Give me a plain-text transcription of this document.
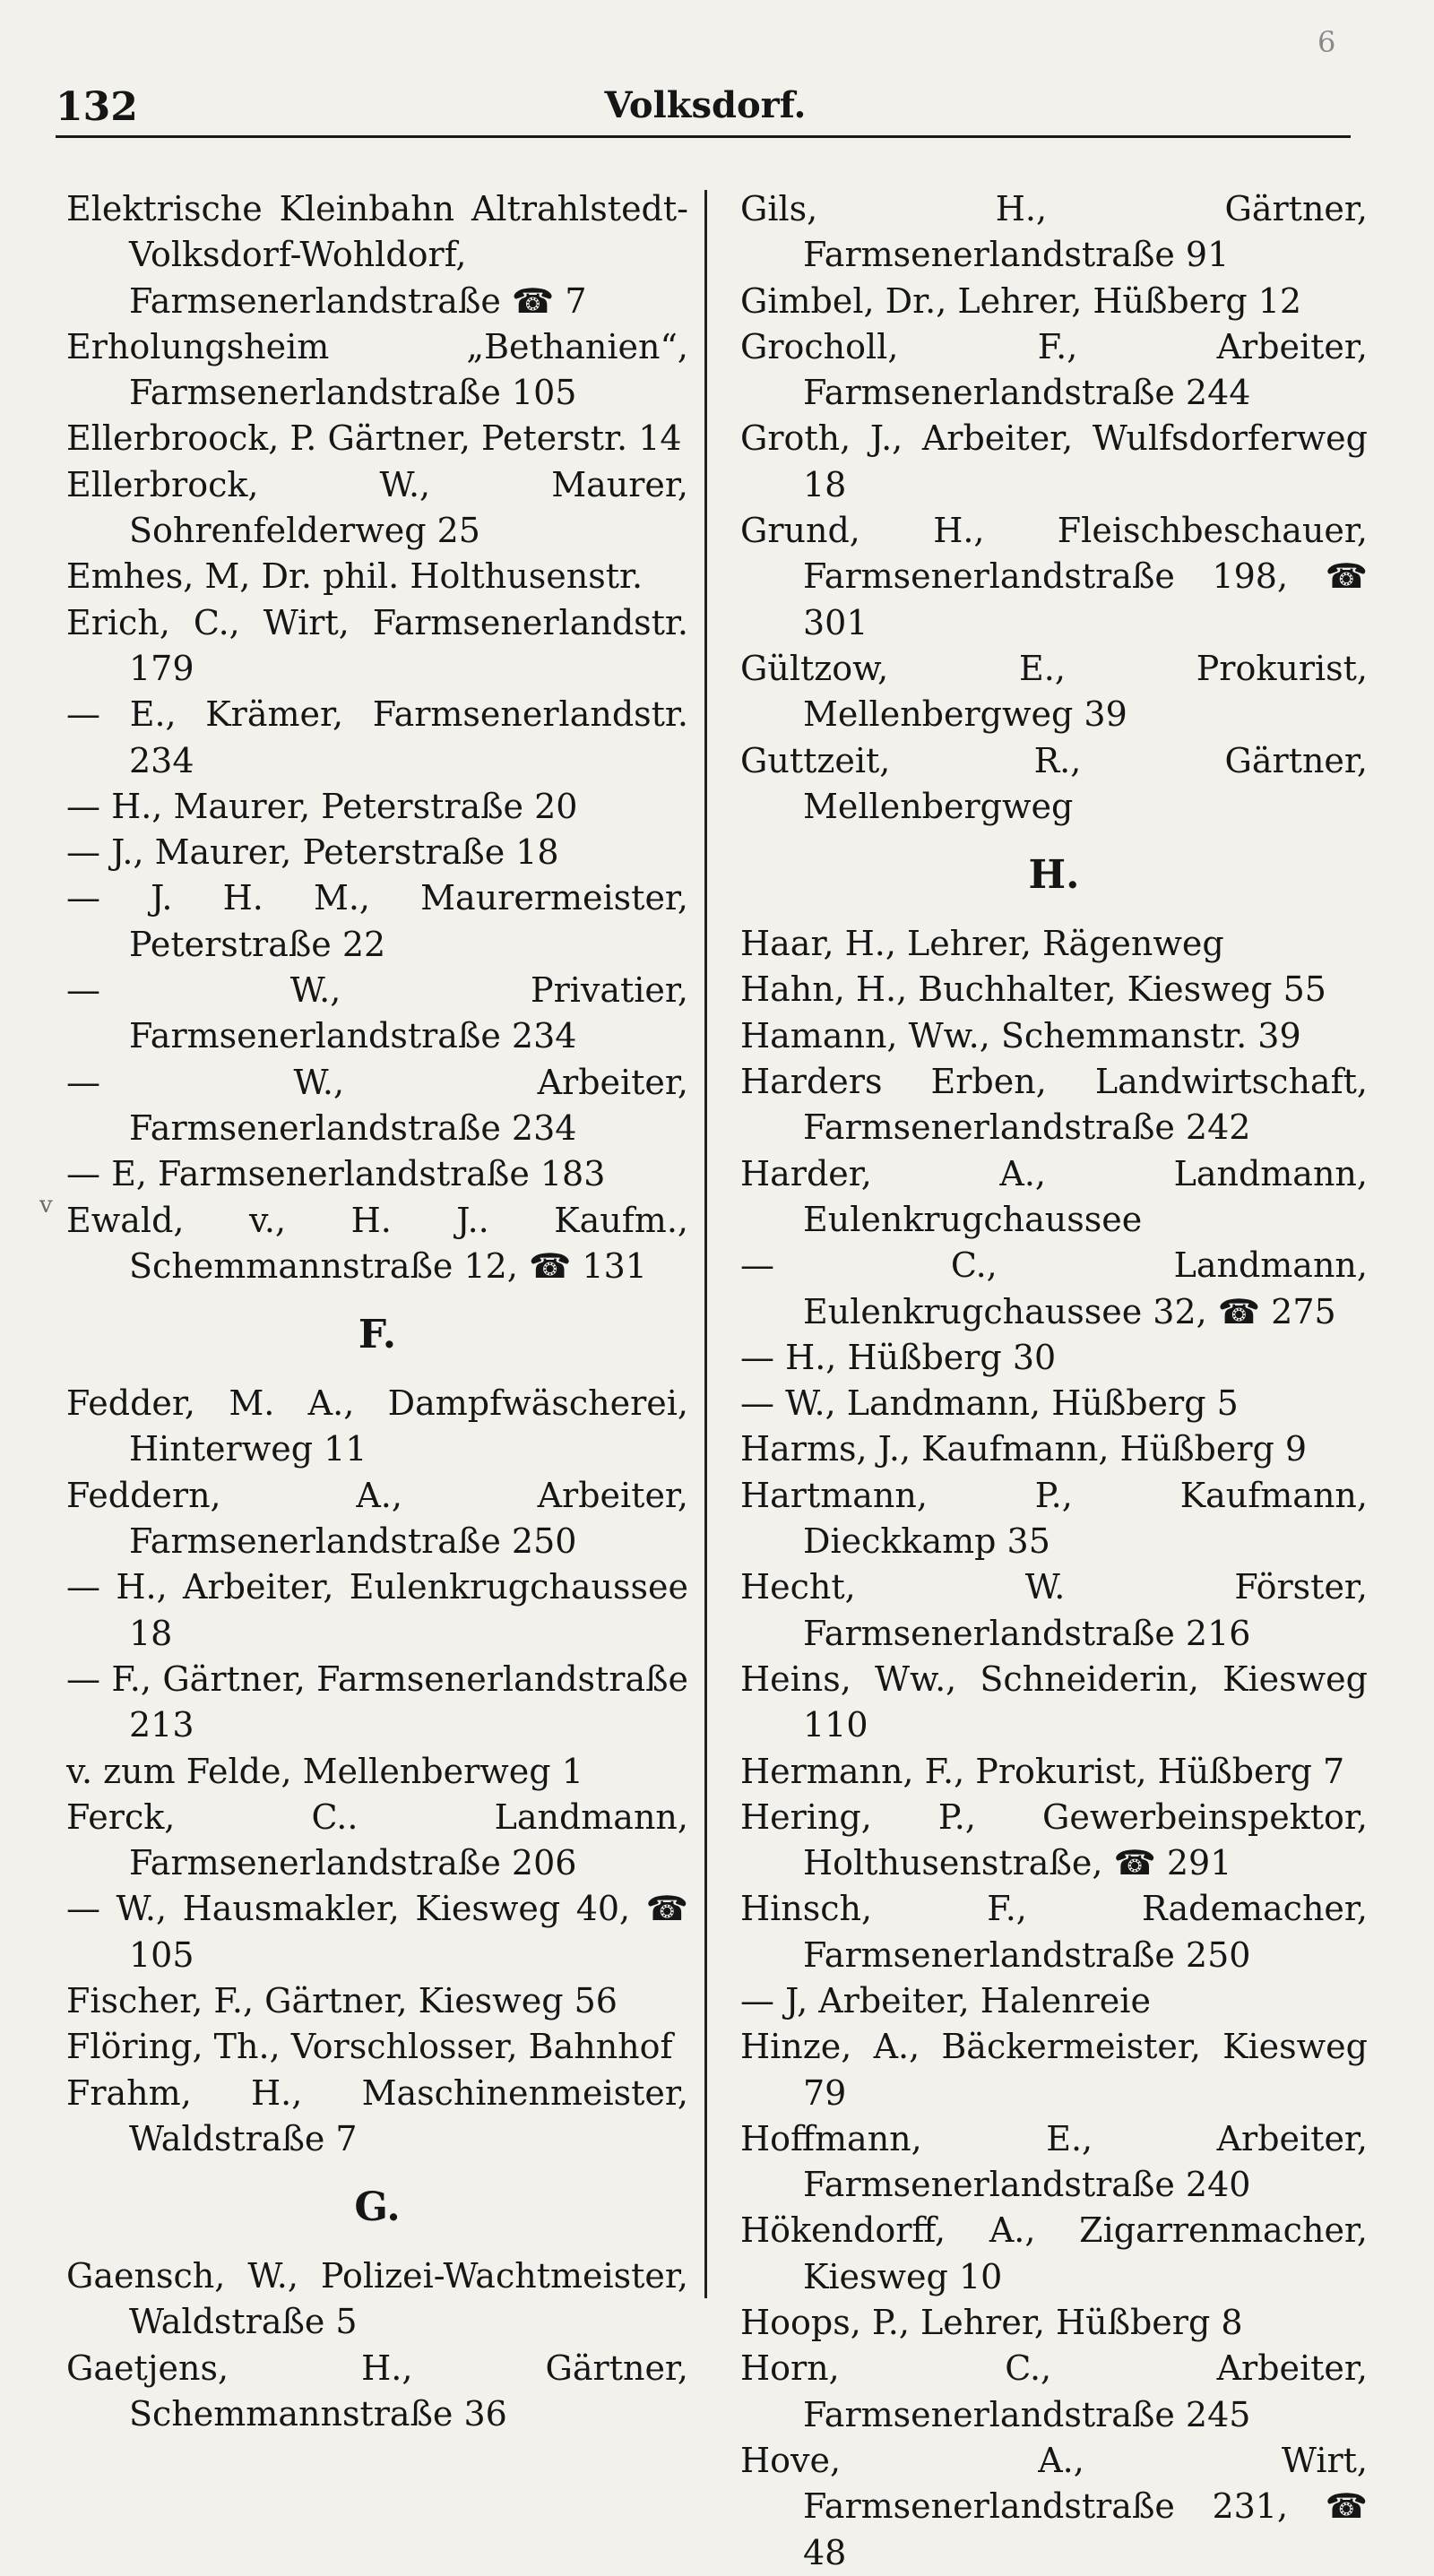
6
v
132	Volksdorf.
Elektrische Kleinbahn Altrahlstedt-Volksdorf-Wohldorf, Farmsenerlandstraße ☎ 7
Erholungsheim „Bethanien“, Farmsenerlandstraße 105
Ellerbroock, P. Gärtner, Peterstr. 14
Ellerbrock, W., Maurer, Sohrenfelderweg 25
Emhes, M, Dr. phil. Holthusenstr.
Erich, C., Wirt, Farmsenerlandstr. 179
— E., Krämer, Farmsenerlandstr. 234
— H., Maurer, Peterstraße 20
— J., Maurer, Peterstraße 18
— J. H. M., Maurermeister, Peterstraße 22
— W., Privatier, Farmsenerlandstraße 234
— W., Arbeiter, Farmsenerlandstraße 234
— E, Farmsenerlandstraße 183
Ewald, v., H. J.. Kaufm., Schemmannstraße 12, ☎ 131
F.
Fedder, M. A., Dampfwäscherei, Hinterweg 11
Feddern, A., Arbeiter, Farmsenerlandstraße 250
— H., Arbeiter, Eulenkrugchaussee 18
— F., Gärtner, Farmsenerlandstraße 213
v. zum Felde, Mellenberweg 1
Ferck, C.. Landmann, Farmsenerlandstraße 206
— W., Hausmakler, Kiesweg 40, ☎ 105
Fischer, F., Gärtner, Kiesweg 56
Flöring, Th., Vorschlosser, Bahnhof
Frahm, H., Maschinenmeister, Waldstraße 7
G.
Gaensch, W., Polizei-Wachtmeister, Waldstraße 5
Gaetjens, H., Gärtner, Schemmannstraße 36
Gils, H., Gärtner, Farmsenerlandstraße 91
Gimbel, Dr., Lehrer, Hüßberg 12
Grocholl, F., Arbeiter, Farmsenerlandstraße 244
Groth, J., Arbeiter, Wulfsdorferweg 18
Grund, H., Fleischbeschauer, Farmsenerlandstraße 198, ☎ 301
Gültzow, E., Prokurist, Mellenbergweg 39
Guttzeit, R., Gärtner, Mellenbergweg
H.
Haar, H., Lehrer, Rägenweg
Hahn, H., Buchhalter, Kiesweg 55
Hamann, Ww., Schemmanstr. 39
Harders Erben, Landwirtschaft, Farmsenerlandstraße 242
Harder, A., Landmann, Eulenkrugchaussee
— C., Landmann, Eulenkrugchaussee 32, ☎ 275
— H., Hüßberg 30
— W., Landmann, Hüßberg 5
Harms, J., Kaufmann, Hüßberg 9
Hartmann, P., Kaufmann, Dieckkamp 35
Hecht, W. Förster, Farmsenerlandstraße 216
Heins, Ww., Schneiderin, Kiesweg 110
Hermann, F., Prokurist, Hüßberg 7
Hering, P., Gewerbeinspektor, Holthusenstraße, ☎ 291
Hinsch, F., Rademacher, Farmsenerlandstraße 250
— J, Arbeiter, Halenreie
Hinze, A., Bäckermeister, Kiesweg 79
Hoffmann, E., Arbeiter, Farmsenerlandstraße 240
Hökendorff, A., Zigarrenmacher, Kiesweg 10
Hoops, P., Lehrer, Hüßberg 8
Horn, C., Arbeiter, Farmsenerlandstraße 245
Hove, A., Wirt, Farmsenerlandstraße 231, ☎ 48
